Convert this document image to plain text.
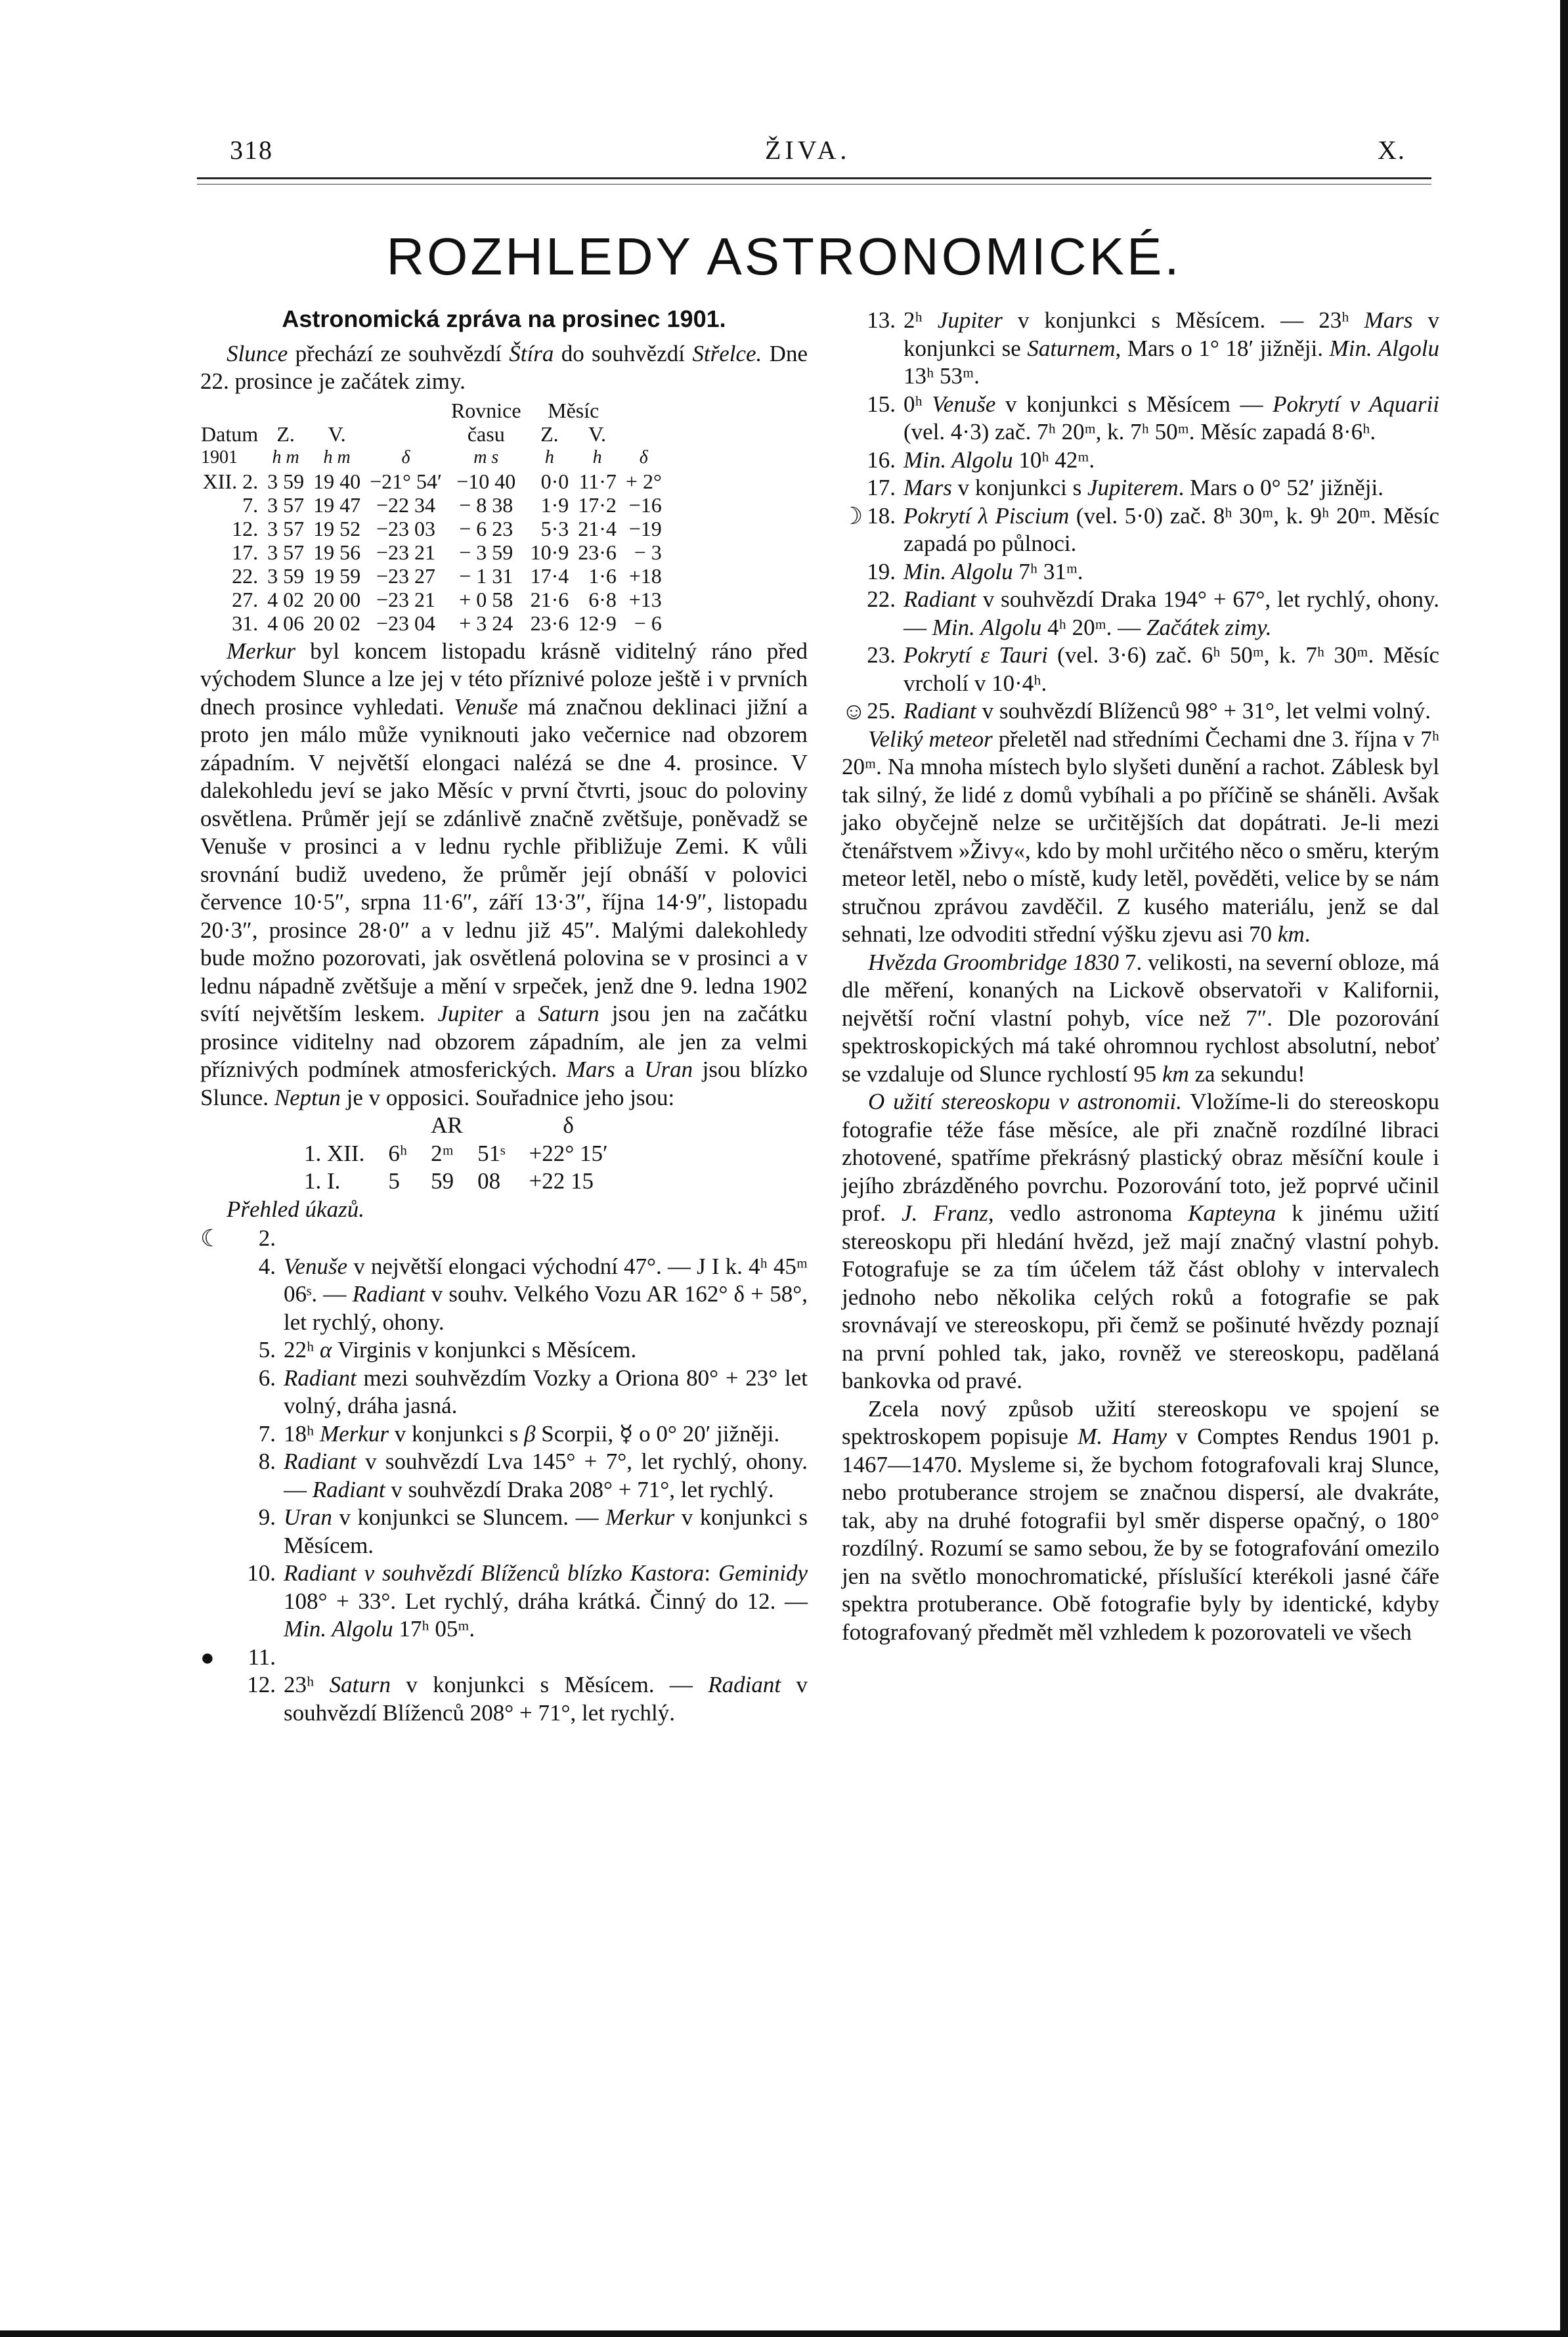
318	ŽIVA.	X.
ROZHLEDY ASTRONOMICKÉ.
Astronomická zpráva na prosinec 1901.

Slunce přechází ze souhvězdí Štíra do souhvězdí Střelce. Dne 22. prosince je začátek zimy.

				Rovnice	Měsíc		
Datum	Z.	V.		času	Z.	V.	
1901	h m	h m	δ	m s	h	h	δ
XII. 2.	3 59	19 40	−21° 54′	−10 40	0·0	11·7	+ 2°
7.	3 57	19 47	−22 34	− 8 38	1·9	17·2	−16
12.	3 57	19 52	−23 03	− 6 23	5·3	21·4	−19
17.	3 57	19 56	−23 21	− 3 59	10·9	23·6	− 3
22.	3 59	19 59	−23 27	− 1 31	17·4	1·6	+18
27.	4 02	20 00	−23 21	+ 0 58	21·6	6·8	+13
31.	4 06	20 02	−23 04	+ 3 24	23·6	12·9	− 6

Merkur byl koncem listopadu krásně viditelný ráno před východem Slunce a lze jej v této příznivé poloze ještě i v prvních dnech prosince vyhledati. Venuše má značnou deklinaci jižní a proto jen málo může vyniknouti jako večernice nad obzorem západním. V největší elongaci nalézá se dne 4. prosince. V dalekohledu jeví se jako Měsíc v první čtvrti, jsouc do poloviny osvětlena. Průměr její se zdánlivě značně zvětšuje, poněvadž se Venuše v prosinci a v lednu rychle přibližuje Zemi. K vůli srovnání budiž uvedeno, že průměr její obnáší v polovici července 10·5″, srpna 11·6″, září 13·3″, října 14·9″, listopadu 20·3″, prosince 28·0″ a v lednu již 45″. Malými dalekohledy bude možno pozorovati, jak osvětlená polovina se v prosinci a v lednu nápadně zvětšuje a mění v srpeček, jenž dne 9. ledna 1902 svítí největším leskem. Jupiter a Saturn jsou jen na začátku prosince viditelny nad obzorem západním, ale jen za velmi příznivých podmínek atmosferických. Mars a Uran jsou blízko Slunce. Neptun je v opposici. Souřadnice jeho jsou:

	AR			δ
1. XII.	6ʰ	2ᵐ	51ˢ	+22° 15′
1. I.	5	59	08	+22 15

Přehled úkazů.

☾	2.
4. Venuše v největší elongaci východní 47°. — J I k. 4ʰ 45ᵐ 06ˢ. — Radiant v souhv. Velkého Vozu AR 162° δ + 58°, let rychlý, ohony.
5. 22ʰ α Virginis v konjunkci s Měsícem.
6. Radiant mezi souhvězdím Vozky a Oriona 80° + 23° let volný, dráha jasná.
7. 18ʰ Merkur v konjunkci s β Scorpii, ☿ o 0° 20′ jižněji.
8. Radiant v souhvězdí Lva 145° + 7°, let rychlý, ohony. — Radiant v souhvězdí Draka 208° + 71°, let rychlý.
9. Uran v konjunkci se Sluncem. — Merkur v konjunkci s Měsícem.
10. Radiant v souhvězdí Blíženců blízko Kastora: Geminidy 108° + 33°. Let rychlý, dráha krátká. Činný do 12. — Min. Algolu 17ʰ 05ᵐ.
●	11.
12. 23ʰ Saturn v konjunkci s Měsícem. — Radiant v souhvězdí Blíženců 208° + 71°, let rychlý.
13. 2ʰ Jupiter v konjunkci s Měsícem. — 23ʰ Mars v konjunkci se Saturnem, Mars o 1° 18′ jižněji. Min. Algolu 13ʰ 53ᵐ.
15. 0ʰ Venuše v konjunkci s Měsícem — Pokrytí v Aquarii (vel. 4·3) zač. 7ʰ 20ᵐ, k. 7ʰ 50ᵐ. Měsíc zapadá 8·6ʰ.
16. Min. Algolu 10ʰ 42ᵐ.
17. Mars v konjunkci s Jupiterem. Mars o 0° 52′ jižněji.
☽ 18. Pokrytí λ Piscium (vel. 5·0) zač. 8ʰ 30ᵐ, k. 9ʰ 20ᵐ. Měsíc zapadá po půlnoci.
19. Min. Algolu 7ʰ 31ᵐ.
22. Radiant v souhvězdí Draka 194° + 67°, let rychlý, ohony. — Min. Algolu 4ʰ 20ᵐ. — Začátek zimy.
23. Pokrytí ε Tauri (vel. 3·6) zač. 6ʰ 50ᵐ, k. 7ʰ 30ᵐ. Měsíc vrcholí v 10·4ʰ.
☺ 25. Radiant v souhvězdí Blíženců 98° + 31°, let velmi volný.

Veliký meteor přeletěl nad středními Čechami dne 3. října v 7ʰ 20ᵐ. Na mnoha místech bylo slyšeti dunění a rachot. Záblesk byl tak silný, že lidé z domů vybíhali a po příčině se sháněli. Avšak jako obyčejně nelze se určitějších dat dopátrati. Je-li mezi čtenářstvem »Živy«, kdo by mohl určitého něco o směru, kterým meteor letěl, nebo o místě, kudy letěl, pověděti, velice by se nám stručnou zprávou zavděčil. Z kusého materiálu, jenž se dal sehnati, lze odvoditi střední výšku zjevu asi 70 km.

Hvězda Groombridge 1830 7. velikosti, na severní obloze, má dle měření, konaných na Lickově observatoři v Kalifornii, největší roční vlastní pohyb, více než 7″. Dle pozorování spektroskopických má také ohromnou rychlost absolutní, neboť se vzdaluje od Slunce rychlostí 95 km za sekundu!

O užití stereoskopu v astronomii. Vložíme-li do stereoskopu fotografie téže fáse měsíce, ale při značně rozdílné libraci zhotovené, spatříme překrásný plastický obraz měsíční koule i jejího zbrázděného povrchu. Pozorování toto, jež poprvé učinil prof. J. Franz, vedlo astronoma Kapteyna k jinému užití stereoskopu při hledání hvězd, jež mají značný vlastní pohyb. Fotografuje se za tím účelem táž část oblohy v intervalech jednoho nebo několika celých roků a fotografie se pak srovnávají ve stereoskopu, při čemž se pošinuté hvězdy poznají na první pohled tak, jako, rovněž ve stereoskopu, padělaná bankovka od pravé.

Zcela nový způsob užití stereoskopu ve spojení se spektroskopem popisuje M. Hamy v Comptes Rendus 1901 p. 1467—1470. Mysleme si, že bychom fotografovali kraj Slunce, nebo protuberance strojem se značnou dispersí, ale dvakráte, tak, aby na druhé fotografii byl směr disperse opačný, o 180° rozdílný. Rozumí se samo sebou, že by se fotografování omezilo jen na světlo monochromatické, příslušící kterékoli jasné čáře spektra protuberance. Obě fotografie byly by identické, kdyby fotografovaný předmět měl vzhledem k pozorovateli ve všech
